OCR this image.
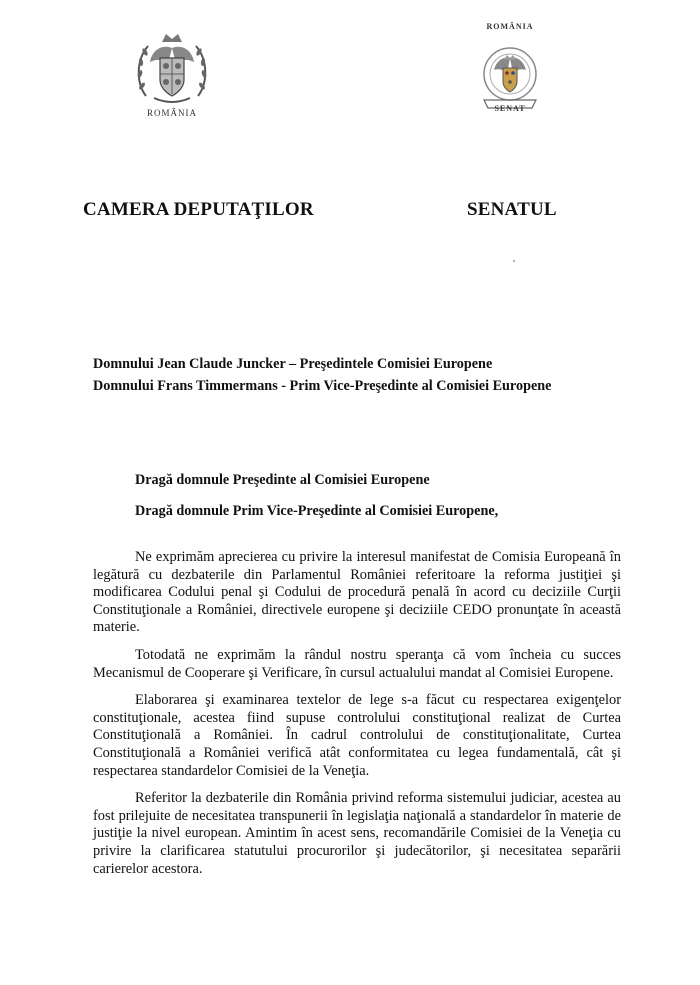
ROMÂNIA
ROMÂNIA
SENAT
CAMERA DEPUTAŢILOR	SENATUL
Domnului Jean Claude Juncker – Preşedintele Comisiei Europene
Domnului Frans Timmermans - Prim Vice-Preşedinte al Comisiei Europene
Dragă domnule Preşedinte al Comisiei Europene
Dragă domnule Prim Vice-Preşedinte al Comisiei Europene,

Ne exprimăm aprecierea cu privire la interesul manifestat de Comisia Europeană în legătură cu dezbaterile din Parlamentul României referitoare la reforma justiţiei şi modificarea Codului penal şi Codului de procedură penală în acord cu deciziile Curţii Constituţionale a României, directivele europene şi deciziile CEDO pronunţate în această materie.

Totodată ne exprimăm la rândul nostru speranţa că vom încheia cu succes Mecanismul de Cooperare şi Verificare, în cursul actualului mandat al Comisiei Europene.

Elaborarea şi examinarea textelor de lege s-a făcut cu respectarea exigenţelor constituţionale, acestea fiind supuse controlului constituţional realizat de Curtea Constituţională a României. În cadrul controlului de constituţionalitate, Curtea Constituţională a României verifică atât conformitatea cu legea fundamentală, cât şi respectarea standardelor Comisiei de la Veneţia.

Referitor la dezbaterile din România privind reforma sistemului judiciar, acestea au fost prilejuite de necesitatea transpunerii în legislaţia naţională a standardelor în materie de justiţie la nivel european. Amintim în acest sens, recomandările Comisiei de la Veneţia cu privire la clarificarea statutului procurorilor şi judecătorilor, şi necesitatea separării carierelor acestora.
